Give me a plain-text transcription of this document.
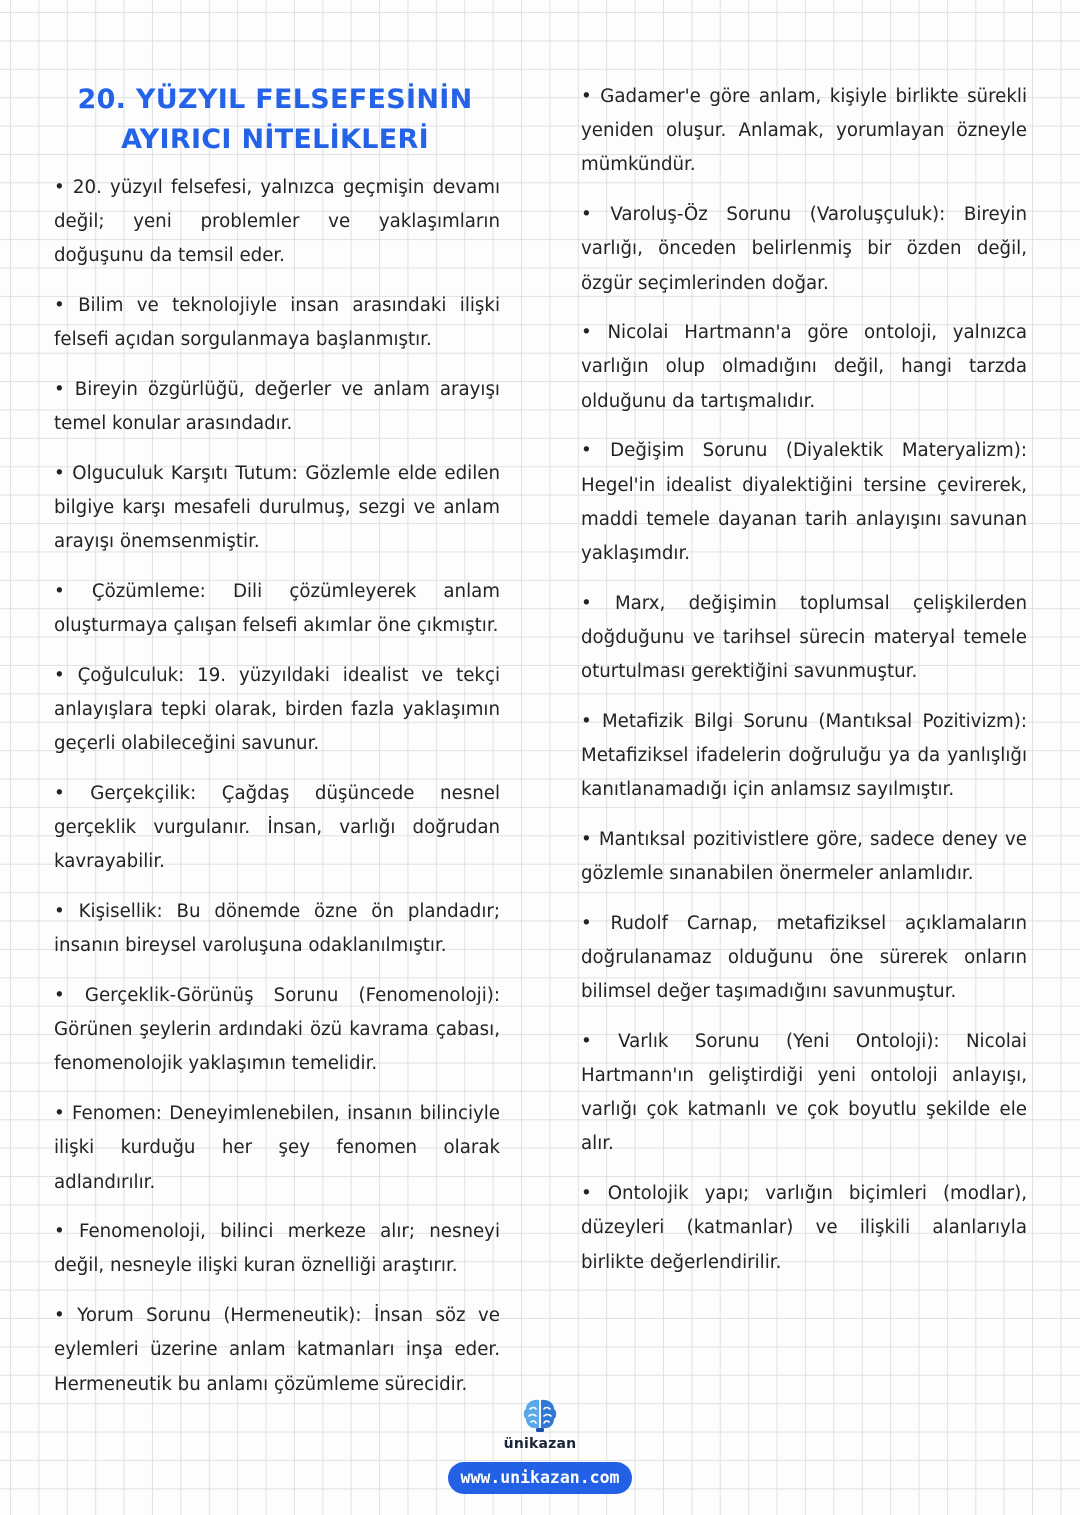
20. YÜZYIL FELSEFESİNİN
AYIRICI NİTELİKLERİ

• 20. yüzyıl felsefesi, yalnızca geçmişin devamı değil; yeni problemler ve yaklaşımların doğuşunu da temsil eder.

• Bilim ve teknolojiyle insan arasındaki ilişki felsefi açıdan sorgulanmaya başlanmıştır.

• Bireyin özgürlüğü, değerler ve anlam arayışı temel konular arasındadır.

• Olguculuk Karşıtı Tutum: Gözlemle elde edilen bilgiye karşı mesafeli durulmuş, sezgi ve anlam arayışı önemsenmiştir.

• Çözümleme: Dili çözümleyerek anlam oluşturmaya çalışan felsefi akımlar öne çıkmıştır.

• Çoğulculuk: 19. yüzyıldaki idealist ve tekçi anlayışlara tepki olarak, birden fazla yaklaşımın geçerli olabileceğini savunur.

• Gerçekçilik: Çağdaş düşüncede nesnel gerçeklik vurgulanır. İnsan, varlığı doğrudan kavrayabilir.

• Kişisellik: Bu dönemde özne ön plandadır; insanın bireysel varoluşuna odaklanılmıştır.

• Gerçeklik-Görünüş Sorunu (Fenomenoloji): Görünen şeylerin ardındaki özü kavrama çabası, fenomenolojik yaklaşımın temelidir.

• Fenomen: Deneyimlenebilen, insanın bilinciyle ilişki kurduğu her şey fenomen olarak adlandırılır.

• Fenomenoloji, bilinci merkeze alır; nesneyi değil, nesneyle ilişki kuran öznelliği araştırır.

• Yorum Sorunu (Hermeneutik): İnsan söz ve eylemleri üzerine anlam katmanları inşa eder. Hermeneutik bu anlamı çözümleme sürecidir.

• Gadamer'e göre anlam, kişiyle birlikte sürekli yeniden oluşur. Anlamak, yorumlayan özneyle mümkündür.

• Varoluş-Öz Sorunu (Varoluşçuluk): Bireyin varlığı, önceden belirlenmiş bir özden değil, özgür seçimlerinden doğar.

• Nicolai Hartmann'a göre ontoloji, yalnızca varlığın olup olmadığını değil, hangi tarzda olduğunu da tartışmalıdır.

• Değişim Sorunu (Diyalektik Materyalizm): Hegel'in idealist diyalektiğini tersine çevirerek, maddi temele dayanan tarih anlayışını savunan yaklaşımdır.

• Marx, değişimin toplumsal çelişkilerden doğduğunu ve tarihsel sürecin materyal temele oturtulması gerektiğini savunmuştur.

• Metafizik Bilgi Sorunu (Mantıksal Pozitivizm): Metafiziksel ifadelerin doğruluğu ya da yanlışlığı kanıtlanamadığı için anlamsız sayılmıştır.

• Mantıksal pozitivistlere göre, sadece deney ve gözlemle sınanabilen önermeler anlamlıdır.

• Rudolf Carnap, metafiziksel açıklamaların doğrulanamaz olduğunu öne sürerek onların bilimsel değer taşımadığını savunmuştur.

• Varlık Sorunu (Yeni Ontoloji): Nicolai Hartmann'ın geliştirdiği yeni ontoloji anlayışı, varlığı çok katmanlı ve çok boyutlu şekilde ele alır.

• Ontolojik yapı; varlığın biçimleri (modlar), düzeyleri (katmanlar) ve ilişkili alanlarıyla birlikte değerlendirilir.

ünikazan
www.unikazan.com
